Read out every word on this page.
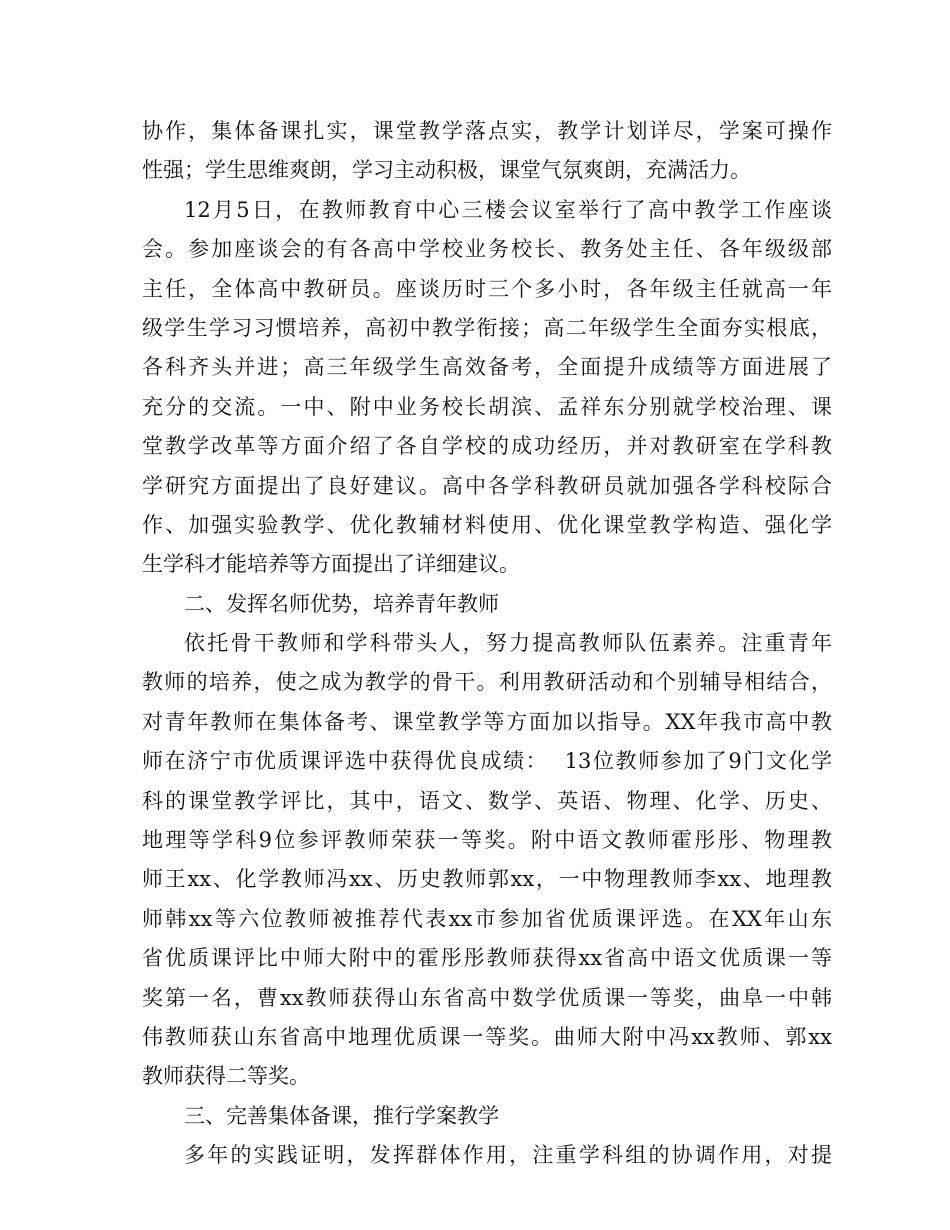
协作，集体备课扎实，课堂教学落点实，教学计划详尽，学案可操作
性强；学生思维爽朗，学习主动积极，课堂气氛爽朗，充满活力。
12月5日，在教师教育中心三楼会议室举行了高中教学工作座谈
会。参加座谈会的有各高中学校业务校长、教务处主任、各年级级部
主任，全体高中教研员。座谈历时三个多小时，各年级主任就高一年
级学生学习习惯培养，高初中教学衔接；高二年级学生全面夯实根底，
各科齐头并进；高三年级学生高效备考，全面提升成绩等方面进展了
充分的交流。一中、附中业务校长胡滨、孟祥东分别就学校治理、课
堂教学改革等方面介绍了各自学校的成功经历，并对教研室在学科教
学研究方面提出了良好建议。高中各学科教研员就加强各学科校际合
作、加强实验教学、优化教辅材料使用、优化课堂教学构造、强化学
生学科才能培养等方面提出了详细建议。
二、发挥名师优势，培养青年教师
依托骨干教师和学科带头人，努力提高教师队伍素养。注重青年
教师的培养，使之成为教学的骨干。利用教研活动和个别辅导相结合，
对青年教师在集体备考、课堂教学等方面加以指导。XX年我市高中教
师在济宁市优质课评选中获得优良成绩：  13位教师参加了9门文化学
科的课堂教学评比，其中，语文、数学、英语、物理、化学、历史、
地理等学科9位参评教师荣获一等奖。附中语文教师霍彤彤、物理教
师王xx、化学教师冯xx、历史教师郭xx，一中物理教师李xx、地理教
师韩xx等六位教师被推荐代表xx市参加省优质课评选。在XX年山东
省优质课评比中师大附中的霍彤彤教师获得xx省高中语文优质课一等
奖第一名，曹xx教师获得山东省高中数学优质课一等奖，曲阜一中韩
伟教师获山东省高中地理优质课一等奖。曲师大附中冯xx教师、郭xx
教师获得二等奖。
三、完善集体备课，推行学案教学
多年的实践证明，发挥群体作用，注重学科组的协调作用，对提
